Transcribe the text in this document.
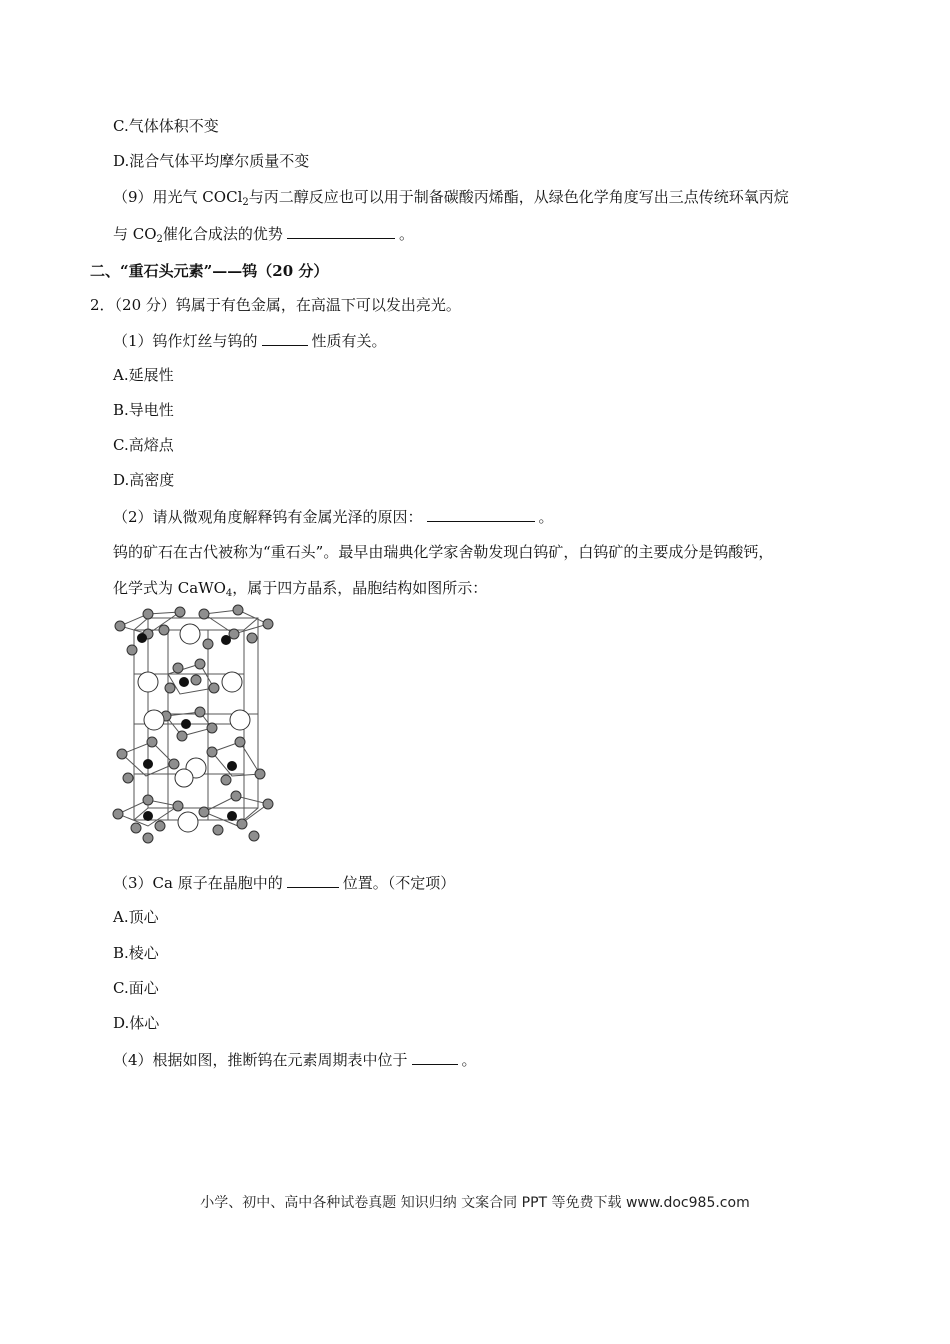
C.气体体积不变
D.混合气体平均摩尔质量不变
（9）用光气 COCl$_2$与丙二醇反应也可以用于制备碳酸丙烯酯，从绿色化学角度写出三点传统环氧丙烷
与 $CO_2$催化合成法的优势	。
二、“重石头元素”——钨（20 分）
2．（20 分）钨属于有色金属，在高温下可以发出亮光。
（1）钨作灯丝与钨的	性质有关。
A.延展性
B.导电性
C.高熔点
D.高密度
（2）请从微观角度解释钨有金属光泽的原因：	。
钨的矿石在古代被称为“重石头”。最早由瑞典化学家舍勒发现白钨矿，白钨矿的主要成分是钨酸钙，
化学式为 CaWO$_4$，属于四方晶系，晶胞结构如图所示：
（3）Ca 原子在晶胞中的	位置。（不定项）
A.顶心
B.棱心
C.面心
D.体心
（4）根据如图，推断钨在元素周期表中位于	。
小学、初中、高中各种试卷真题 知识归纳 文案合同 PPT 等免费下载 www.doc985.com
